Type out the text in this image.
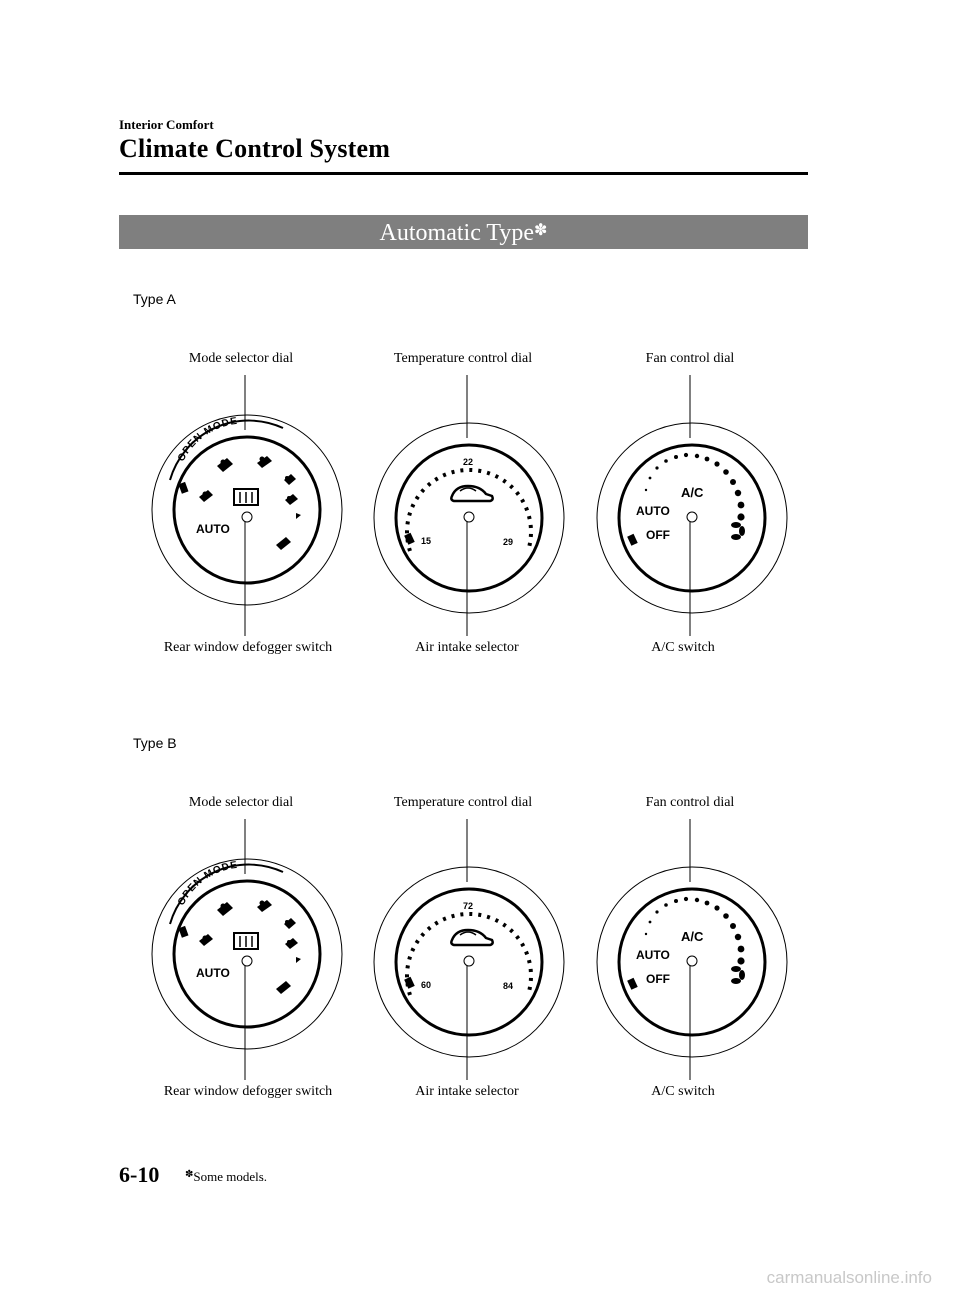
Interior Comfort
Climate Control System
Automatic Type✽
Type A
Mode selector dial	Temperature control dial	Fan control dial
Rear window defogger switch	Air intake selector	A/C switch
Type B
Mode selector dial	Temperature control dial	Fan control dial
Rear window defogger switch	Air intake selector	A/C switch
OPEN MODE
AUTO
22
15	29
A/C
AUTO
OFF
OPEN MODE
AUTO
72
60	84
A/C
AUTO
OFF
6-10	✽Some models.
carmanualsonline.info
